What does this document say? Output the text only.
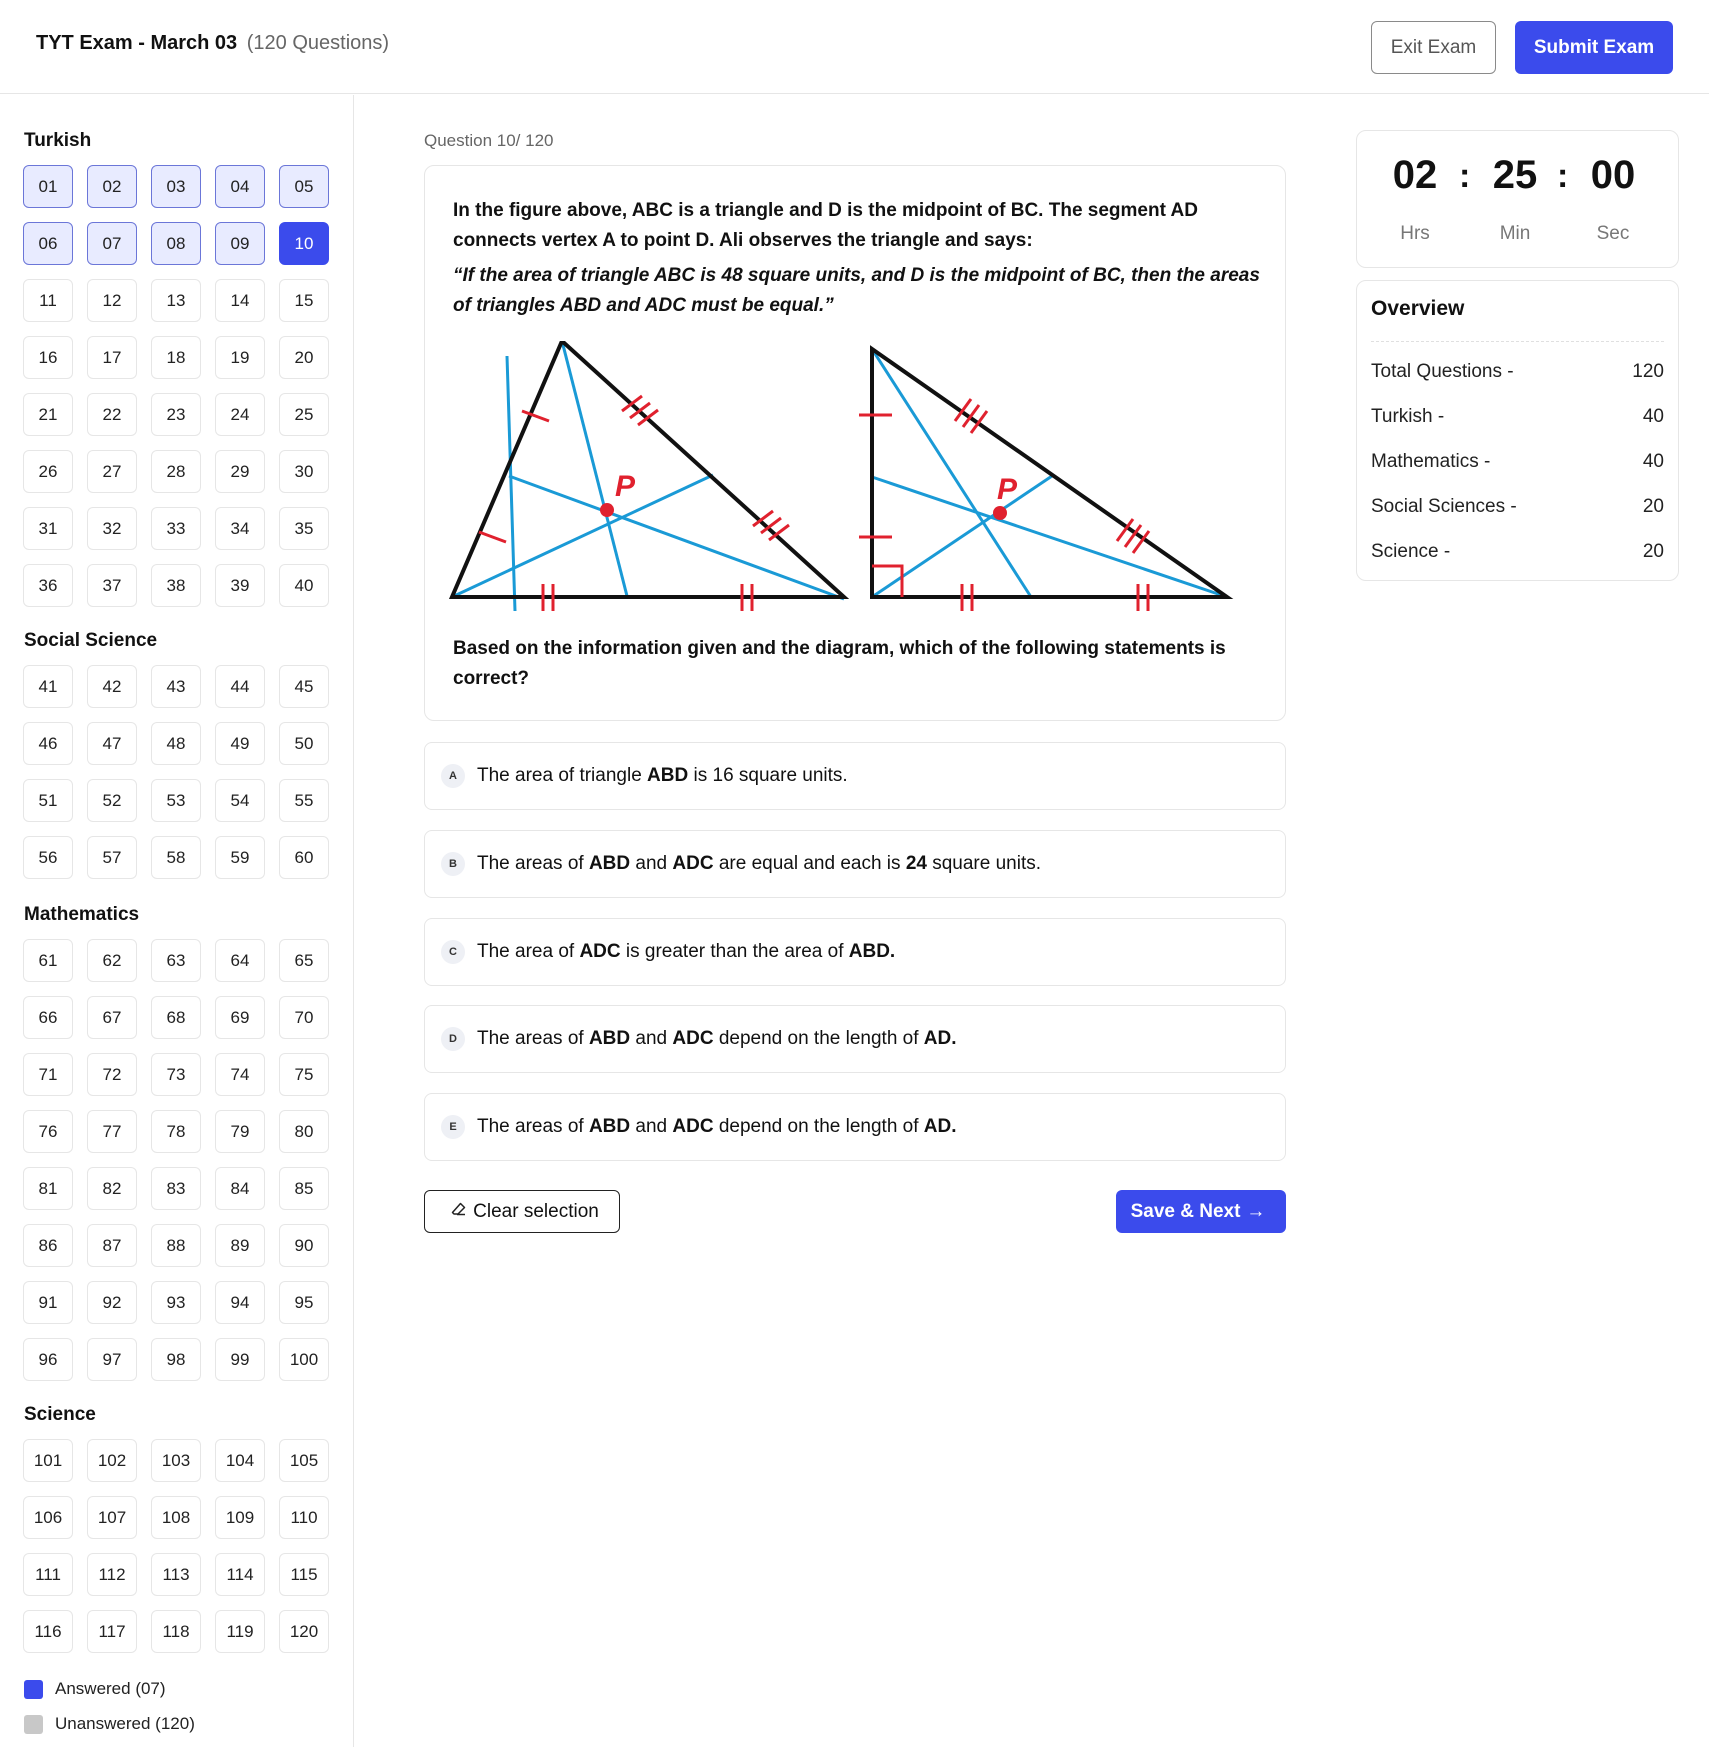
TYT Exam - March 03 (120 Questions)	Exit Exam	Submit Exam
Turkish
01	02	03	04	05
06	07	08	09	10
11	12	13	14	15
16	17	18	19	20
21	22	23	24	25
26	27	28	29	30
31	32	33	34	35
36	37	38	39	40
Social Science
41	42	43	44	45
46	47	48	49	50
51	52	53	54	55
56	57	58	59	60
Mathematics
61	62	63	64	65
66	67	68	69	70
71	72	73	74	75
76	77	78	79	80
81	82	83	84	85
86	87	88	89	90
91	92	93	94	95
96	97	98	99	100
Science
101	102	103	104	105
106	107	108	109	110
111	112	113	114	115
116	117	118	119	120
Answered (07)
Unanswered (120)
Question 10/ 120
In the figure above, ABC is a triangle and D is the midpoint of BC. The segment AD connects vertex A to point D. Ali observes the triangle and says:
“If the area of triangle ABC is 48 square units, and D is the midpoint of BC, then the areas of triangles ABD and ADC must be equal.”
P	P
Based on the information given and the diagram, which of the following statements is correct?
A	The area of triangle ABD is 16 square units.
B	The areas of ABD and ADC are equal and each is 24 square units.
C	The area of ADC is greater than the area of ABD.
D	The areas of ABD and ADC depend on the length of AD.
E	The areas of ABD and ADC depend on the length of AD.
Clear selection	Save & Next →
02 : 25 : 00
Hrs	Min	Sec
Overview
Total Questions -	120
Turkish -	40
Mathematics -	40
Social Sciences -	20
Science -	20
